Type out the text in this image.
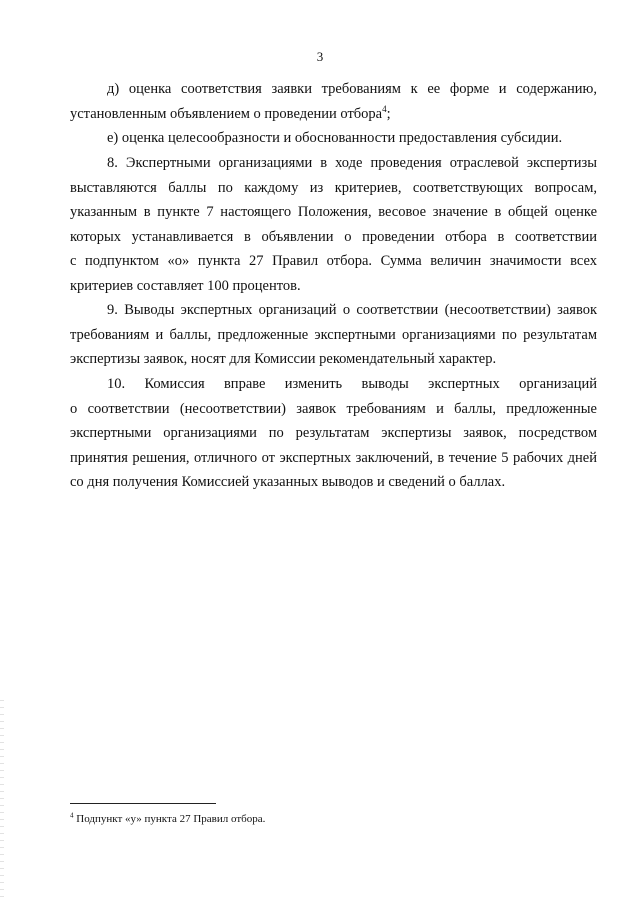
3

д) оценка соответствия заявки требованиям к ее форме и содержанию,
установленным объявлением о проведении отбора$^4$;

е) оценка целесообразности и обоснованности предоставления субсидии.

8. Экспертными организациями в ходе проведения отраслевой экспертизы
выставляются баллы по каждому из критериев, соответствующих вопросам,
указанным в пункте 7 настоящего Положения, весовое значение в общей оценке
которых устанавливается в объявлении о проведении отбора в соответствии
с подпунктом «о» пункта 27 Правил отбора. Сумма величин значимости всех
критериев составляет 100 процентов.

9. Выводы экспертных организаций о соответствии (несоответствии) заявок
требованиям и баллы, предложенные экспертными организациями по результатам
экспертизы заявок, носят для Комиссии рекомендательный характер.

10. Комиссия вправе изменить выводы экспертных организаций
о соответствии (несоответствии) заявок требованиям и баллы, предложенные
экспертными организациями по результатам экспертизы заявок, посредством
принятия решения, отличного от экспертных заключений, в течение 5 рабочих дней
со дня получения Комиссией указанных выводов и сведений о баллах.

$^4$ Подпункт «у» пункта 27 Правил отбора.
